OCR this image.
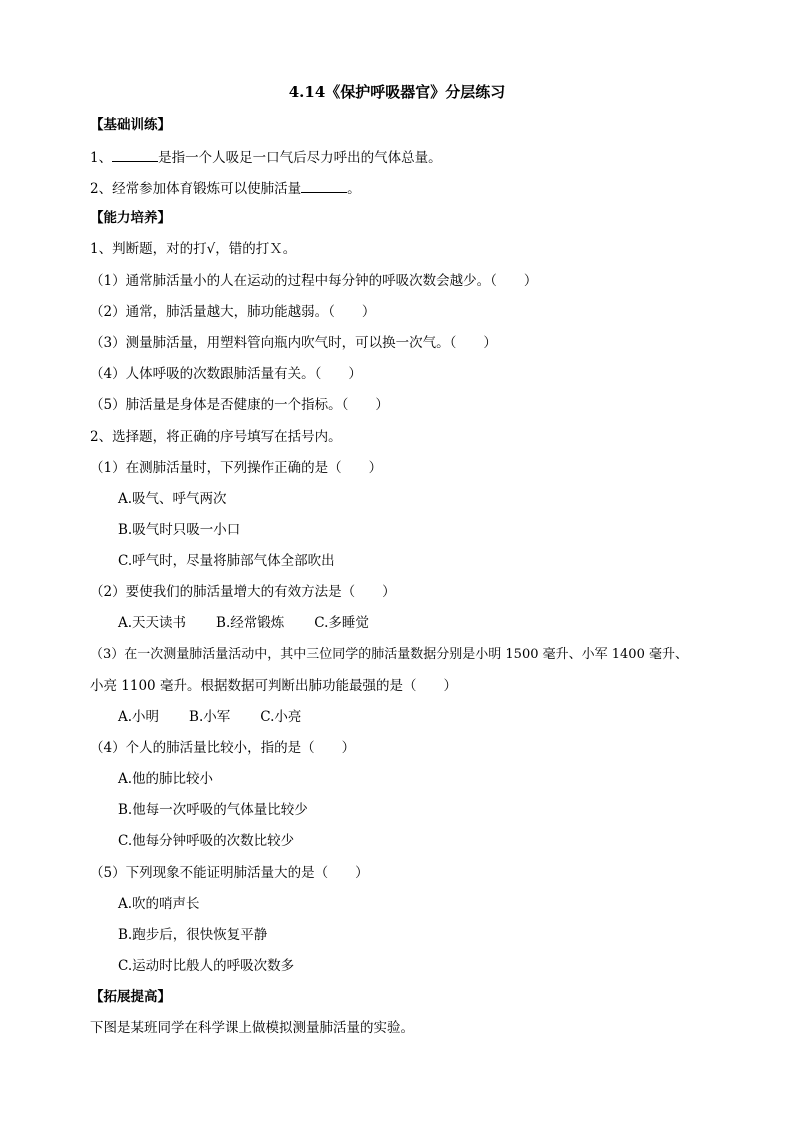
4.14《保护呼吸器官》分层练习
【基础训练】
1、	是指一个人吸足一口气后尽力呼出的气体总量。
2、经常参加体育锻炼可以使肺活量	。
【能力培养】
1、判断题，对的打√，错的打Ｘ。
（1）通常肺活量小的人在运动的过程中每分钟的呼吸次数会越少。（　　）
（2）通常，肺活量越大，肺功能越弱。（　　）
（3）测量肺活量，用塑料管向瓶内吹气时，可以换一次气。（　　）
（4）人体呼吸的次数跟肺活量有关。（　　）
（5）肺活量是身体是否健康的一个指标。（　　）
2、选择题，将正确的序号填写在括号内。
（1）在测肺活量时，下列操作正确的是（　　）
A.吸气、呼气两次
B.吸气时只吸一小口
C.呼气时，尽量将肺部气体全部吹出
（2）要使我们的肺活量增大的有效方法是（　　）
A.天天读书 B.经常锻炼 C.多睡觉
（3）在一次测量肺活量活动中，其中三位同学的肺活量数据分别是小明 1500 毫升、小军 1400 毫升、
小亮 1100 毫升。根据数据可判断出肺功能最强的是（　　）
A.小明 B.小军 C.小亮
（4）个人的肺活量比较小，指的是（　　）
A.他的肺比较小
B.他每一次呼吸的气体量比较少
C.他每分钟呼吸的次数比较少
（5）下列现象不能证明肺活量大的是（　　）
A.吹的哨声长
B.跑步后，很快恢复平静
C.运动时比般人的呼吸次数多
【拓展提高】
下图是某班同学在科学课上做模拟测量肺活量的实验。
